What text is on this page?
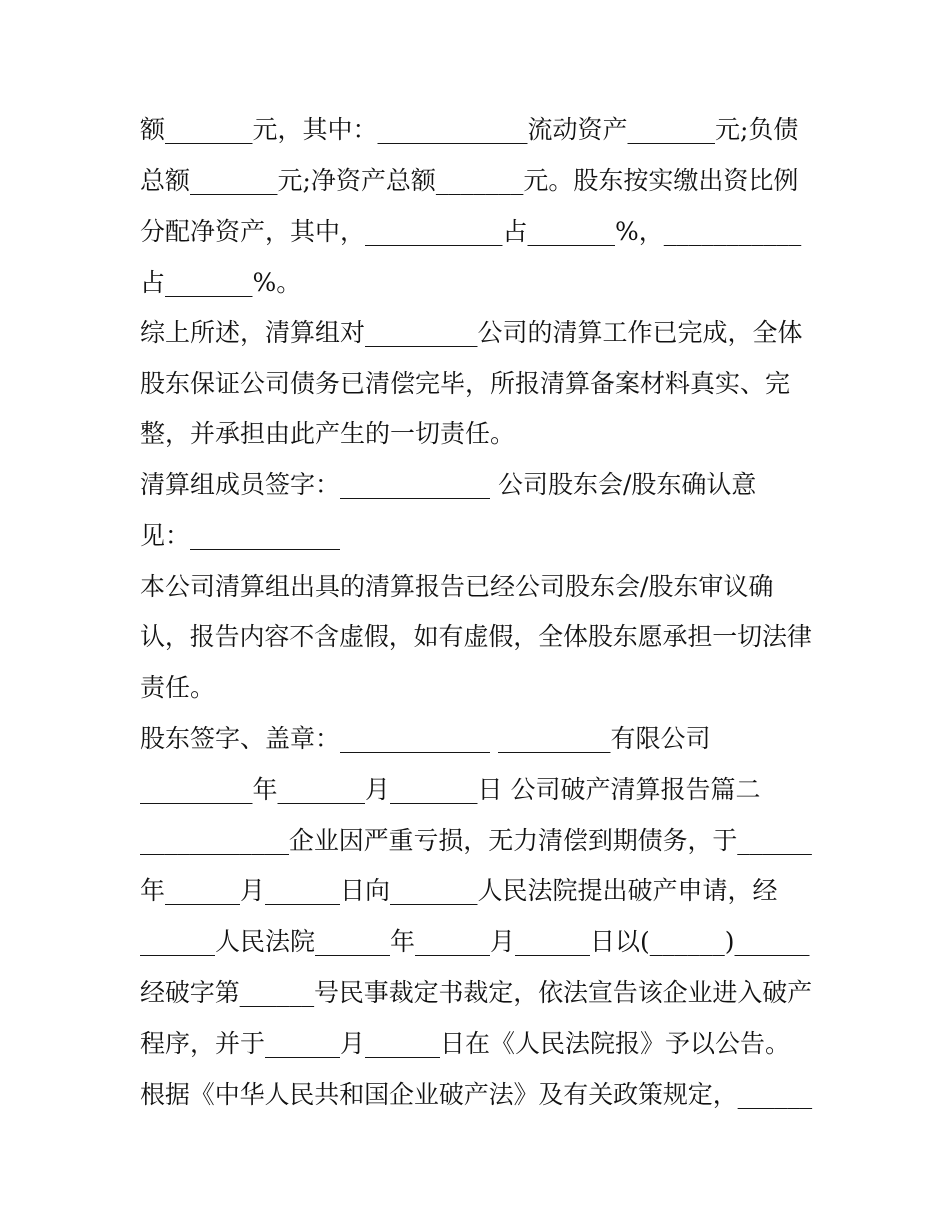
额_______元，其中：____________流动资产_______元;负债

总额_______元;净资产总额_______元。股东按实缴出资比例

分配净资产，其中，___________占_______%，___________

占_______%。

综上所述，清算组对_________公司的清算工作已完成，全体

股东保证公司债务已清偿完毕，所报清算备案材料真实、完

整，并承担由此产生的一切责任。

清算组成员签字：____________ 公司股东会/股东确认意

见：____________

本公司清算组出具的清算报告已经公司股东会/股东审议确

认，报告内容不含虚假，如有虚假，全体股东愿承担一切法律

责任。

股东签字、盖章：____________ _________有限公司

_________年_______月_______日 公司破产清算报告篇二

____________企业因严重亏损，无力清偿到期债务，于______

年______月______日向_______人民法院提出破产申请，经

______人民法院______年______月______日以(______)______

经破字第______号民事裁定书裁定，依法宣告该企业进入破产

程序，并于______月______日在《人民法院报》予以公告。

根据《中华人民共和国企业破产法》及有关政策规定，______
